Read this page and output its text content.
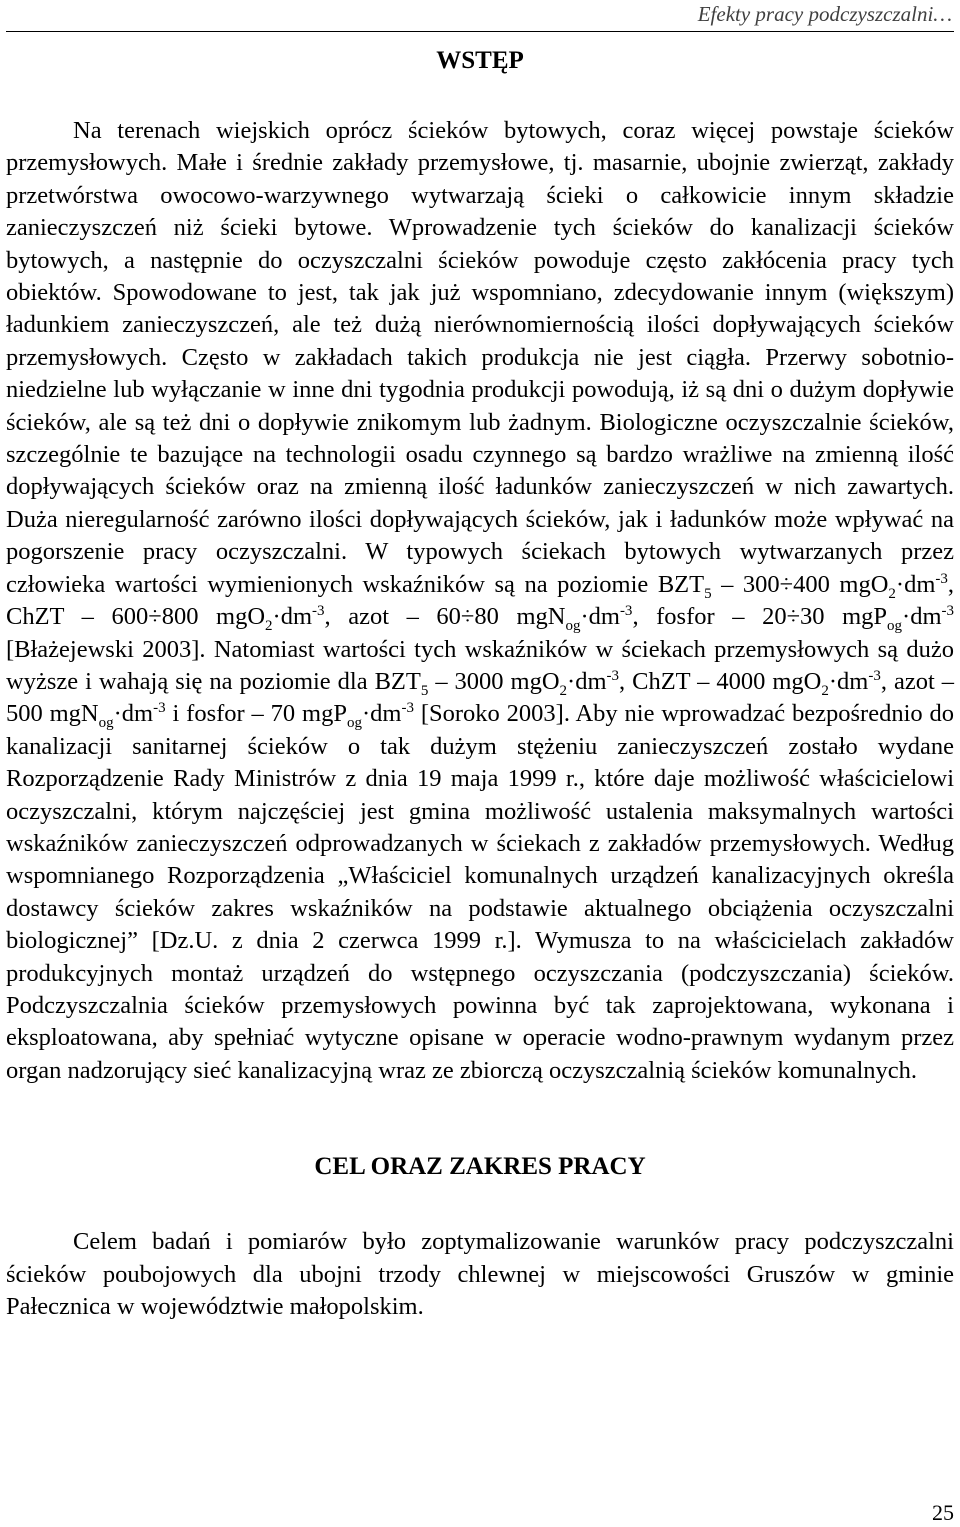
Efekty pracy podczyszczalni…
WSTĘP

Na terenach wiejskich oprócz ścieków bytowych, coraz więcej powstaje ścieków przemysłowych. Małe i średnie zakłady przemysłowe, tj. masarnie, ubojnie zwierząt, zakłady przetwórstwa owocowo-warzywnego wytwarzają ścieki o całkowicie innym składzie zanieczyszczeń niż ścieki bytowe. Wprowadzenie tych ścieków do kanalizacji ścieków bytowych, a następnie do oczyszczalni ścieków powoduje często zakłócenia pracy tych obiektów. Spowodowane to jest, tak jak już wspomniano, zdecydowanie innym (większym) ładunkiem zanieczyszczeń, ale też dużą nierównomiernością ilości dopływających ścieków przemysłowych. Często w zakładach takich produkcja nie jest ciągła. Przerwy sobotnio-niedzielne lub wyłączanie w inne dni tygodnia produkcji powodują, iż są dni o dużym dopływie ścieków, ale są też dni o dopływie znikomym lub żadnym. Biologiczne oczyszczalnie ścieków, szczególnie te bazujące na technologii osadu czynnego są bardzo wrażliwe na zmienną ilość dopływających ścieków oraz na zmienną ilość ładunków zanieczyszczeń w nich zawartych. Duża nieregularność zarówno ilości dopływających ścieków, jak i ładunków może wpływać na pogorszenie pracy oczyszczalni. W typowych ściekach bytowych wytwarzanych przez człowieka wartości wymienionych wskaźników są na poziomie $BZT_5 - 300\div 400$ $mgO_2\cdot dm^{-3}$, ChZT – 600÷800 $mgO_2\cdot dm^{-3}$, azot – 60÷80 $mgN_{og}\cdot dm^{-3}$, fosfor – 20÷30 $mgP_{og}\cdot dm^{-3}$ [Błażejewski 2003]. Natomiast wartości tych wskaźników w ściekach przemysłowych są dużo wyższe i wahają się na poziomie dla $BZT_5 - 3000$ $mgO_2\cdot dm^{-3}$, ChZT – 4000 $mgO_2\cdot dm^{-3}$, azot – 500 $mgN_{og}\cdot dm^{-3}$ i fosfor – 70 $mgP_{og}\cdot dm^{-3}$ [Soroko 2003]. Aby nie wprowadzać bezpośrednio do kanalizacji sanitarnej ścieków o tak dużym stężeniu zanieczyszczeń zostało wydane Rozporządzenie Rady Ministrów z dnia 19 maja 1999 r., które daje możliwość właścicielowi oczyszczalni, którym najczęściej jest gmina możliwość ustalenia maksymalnych wartości wskaźników zanieczyszczeń odprowadzanych w ściekach z zakładów przemysłowych. Według wspomnianego Rozporządzenia „Właściciel komunalnych urządzeń kanalizacyjnych określa dostawcy ścieków zakres wskaźników na podstawie aktualnego obciążenia oczyszczalni biologicznej” [Dz.U. z dnia 2 czerwca 1999 r.]. Wymusza to na właścicielach zakładów produkcyjnych montaż urządzeń do wstępnego oczyszczania (podczyszczania) ścieków. Podczyszczalnia ścieków przemysłowych powinna być tak zaprojektowana, wykonana i eksploatowana, aby spełniać wytyczne opisane w operacie wodno-prawnym wydanym przez organ nadzorujący sieć kanalizacyjną wraz ze zbiorczą oczyszczalnią ścieków komunalnych.

CEL ORAZ ZAKRES PRACY

Celem badań i pomiarów było zoptymalizowanie warunków pracy podczyszczalni ścieków poubojowych dla ubojni trzody chlewnej w miejscowości Gruszów w gminie Pałecznica w województwie małopolskim.

25
